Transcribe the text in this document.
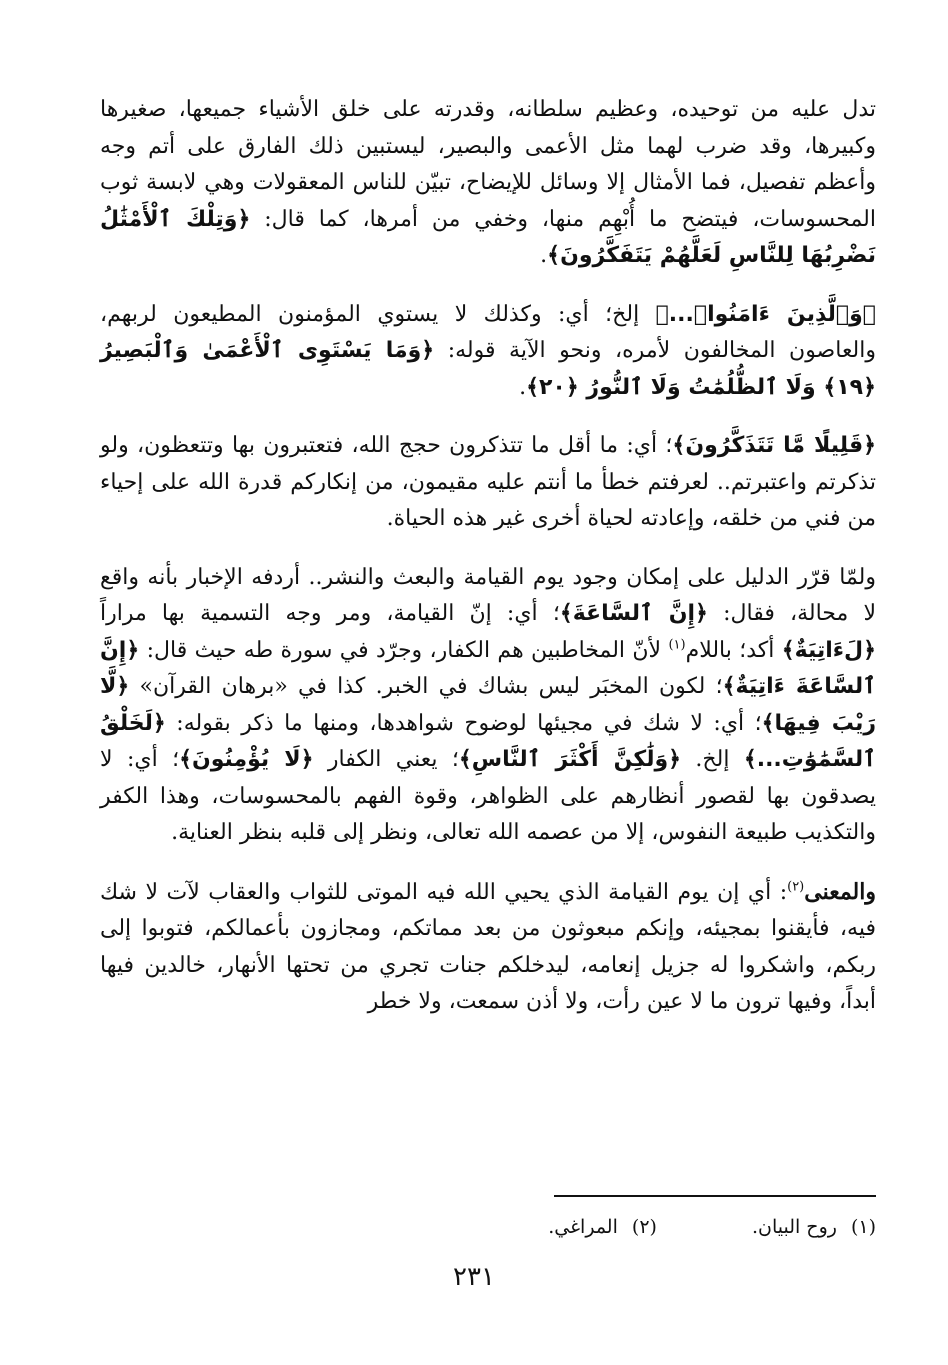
تدل عليه من توحيده، وعظيم سلطانه، وقدرته على خلق الأشياء جميعها، صغيرها وكبيرها، وقد ضرب لهما مثل الأعمى والبصير، ليستبين ذلك الفارق على أتم وجه وأعظم تفصيل، فما الأمثال إلا وسائل للإيضاح، تبيّن للناس المعقولات وهي لابسة ثوب المحسوسات، فيتضح ما أُبْهِم منها، وخفي من أمرها، كما قال: ﴿وَتِلْكَ ٱلْأَمْثَٰلُ نَضْرِبُهَا لِلنَّاسِ لَعَلَّهُمْ يَتَفَكَّرُونَ﴾.

﴿وَٱلَّذِينَ ءَامَنُوا۟...﴾ إلخ؛ أي: وكذلك لا يستوي المؤمنون المطيعون لربهم، والعاصون المخالفون لأمره، ونحو الآية قوله: ﴿وَمَا يَسْتَوِى ٱلْأَعْمَىٰ وَٱلْبَصِيرُ ﴿١٩﴾ وَلَا ٱلظُّلُمَٰتُ وَلَا ٱلنُّورُ ﴿٢٠﴾.

﴿قَلِيلًا مَّا تَتَذَكَّرُونَ﴾؛ أي: ما أقل ما تتذكرون حجج الله، فتعتبرون بها وتتعظون، ولو تذكرتم واعتبرتم.. لعرفتم خطأ ما أنتم عليه مقيمون، من إنكاركم قدرة الله على إحياء من فني من خلقه، وإعادته لحياة أخرى غير هذه الحياة.

ولمّا قرّر الدليل على إمكان وجود يوم القيامة والبعث والنشر.. أردفه الإخبار بأنه واقع لا محالة، فقال: ﴿إِنَّ ٱلسَّاعَةَ﴾؛ أي: إنّ القيامة، ومر وجه التسمية بها مراراً ﴿لَءَاتِيَةٌ﴾ أكد؛ باللام$^{(١)}$ لأنّ المخاطبين هم الكفار، وجرّد في سورة طه حيث قال: ﴿إِنَّ ٱلسَّاعَةَ ءَاتِيَةٌ﴾؛ لكون المخبَر ليس بشاك في الخبر. كذا في «برهان القرآن» ﴿لَّا رَيْبَ فِيهَا﴾؛ أي: لا شك في مجيئها لوضوح شواهدها، ومنها ما ذكر بقوله: ﴿لَخَلْقُ ٱلسَّمَٰوَٰتِ...﴾ إلخ. ﴿وَلَٰكِنَّ أَكْثَرَ ٱلنَّاسِ﴾؛ يعني الكفار ﴿لَا يُؤْمِنُونَ﴾؛ أي: لا يصدقون بها لقصور أنظارهم على الظواهر، وقوة الفهم بالمحسوسات، وهذا الكفر والتكذيب طبيعة النفوس، إلا من عصمه الله تعالى، ونظر إلى قلبه بنظر العناية.

والمعنى$^{(٢)}$: أي إن يوم القيامة الذي يحيي الله فيه الموتى للثواب والعقاب لآت لا شك فيه، فأيقنوا بمجيئه، وإنكم مبعوثون من بعد مماتكم، ومجازون بأعمالكم، فتوبوا إلى ربكم، واشكروا له جزيل إنعامه، ليدخلكم جنات تجري من تحتها الأنهار، خالدين فيها أبداً، وفيها ترون ما لا عين رأت، ولا أذن سمعت، ولا خطر

(١)روح البيان.
(٢)المراغي.
٢٣١
